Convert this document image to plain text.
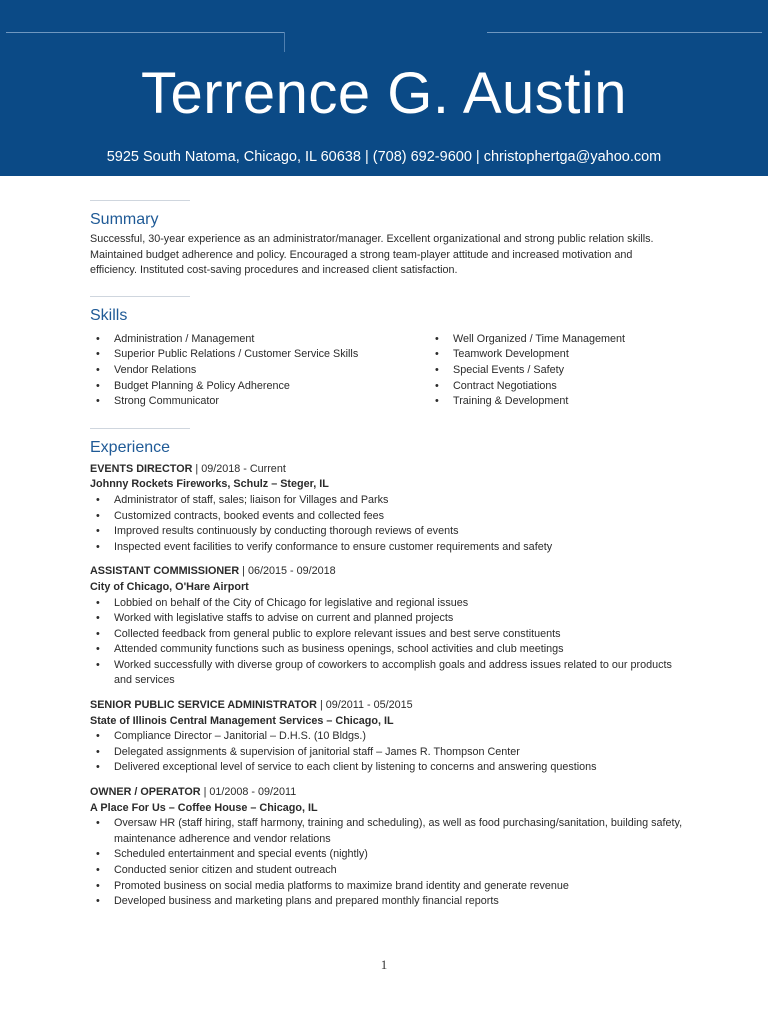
Terrence G. Austin
5925 South Natoma, Chicago, IL 60638 | (708) 692-9600 | christophertga@yahoo.com
Summary

Successful, 30-year experience as an administrator/manager. Excellent organizational and strong public relation skills. Maintained budget adherence and policy. Encouraged a strong team-player attitude and increased motivation and efficiency. Instituted cost-saving procedures and increased client satisfaction.

Skills
• Administration / Management
• Superior Public Relations / Customer Service Skills
• Vendor Relations
• Budget Planning & Policy Adherence
• Strong Communicator
• Well Organized / Time Management
• Teamwork Development
• Special Events / Safety
• Contract Negotiations
• Training & Development
Experience
EVENTS DIRECTOR | 09/2018 - Current
Johnny Rockets Fireworks, Schulz – Steger, IL
• Administrator of staff, sales; liaison for Villages and Parks
• Customized contracts, booked events and collected fees
• Improved results continuously by conducting thorough reviews of events
• Inspected event facilities to verify conformance to ensure customer requirements and safety
ASSISTANT COMMISSIONER | 06/2015 - 09/2018
City of Chicago, O'Hare Airport
• Lobbied on behalf of the City of Chicago for legislative and regional issues
• Worked with legislative staffs to advise on current and planned projects
• Collected feedback from general public to explore relevant issues and best serve constituents
• Attended community functions such as business openings, school activities and club meetings
• Worked successfully with diverse group of coworkers to accomplish goals and address issues related to our products and services
SENIOR PUBLIC SERVICE ADMINISTRATOR | 09/2011 - 05/2015
State of Illinois Central Management Services – Chicago, IL
• Compliance Director – Janitorial – D.H.S. (10 Bldgs.)
• Delegated assignments & supervision of janitorial staff – James R. Thompson Center
• Delivered exceptional level of service to each client by listening to concerns and answering questions
OWNER / OPERATOR | 01/2008 - 09/2011
A Place For Us – Coffee House – Chicago, IL
• Oversaw HR (staff hiring, staff harmony, training and scheduling), as well as food purchasing/sanitation, building safety, maintenance adherence and vendor relations
• Scheduled entertainment and special events (nightly)
• Conducted senior citizen and student outreach
• Promoted business on social media platforms to maximize brand identity and generate revenue
• Developed business and marketing plans and prepared monthly financial reports
1
